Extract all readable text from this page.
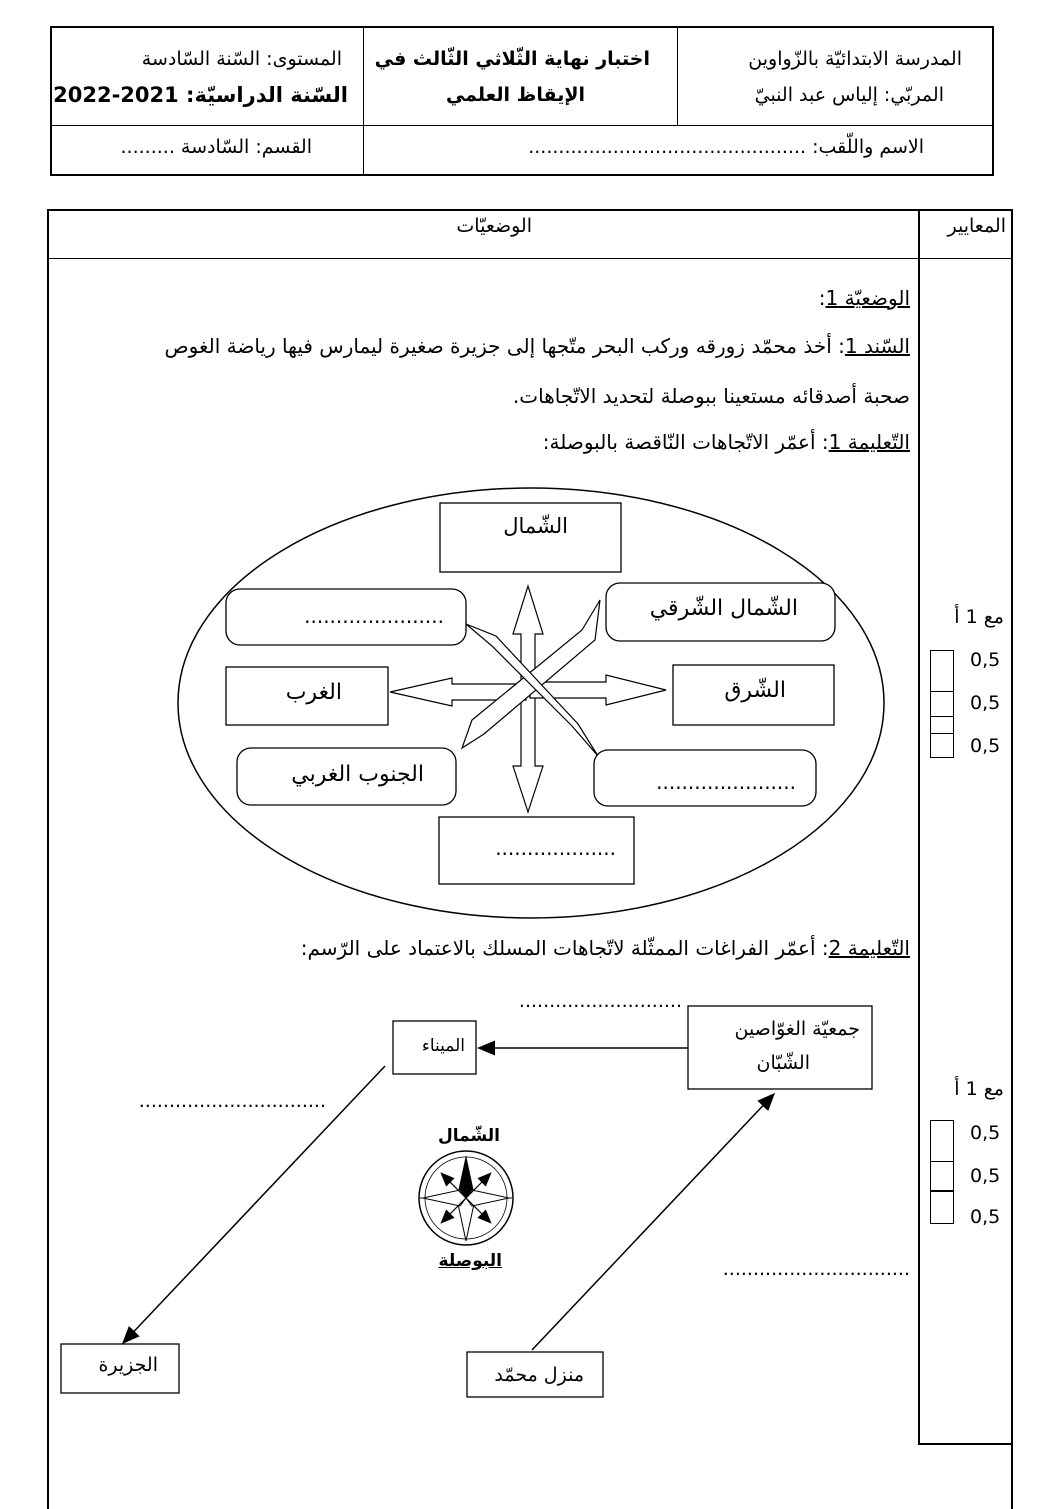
المدرسة الابتدائيّة بالزّواوين
المربّي: إلياس عبد النبيّ
اختبار نهاية الثّلاثي الثّالث في
الإيقاظ العلمي
المستوى: السّنة السّادسة
السّنة الدراسيّة: 2021-2022
الاسم واللّقب: ..............................................
القسم: السّادسة .........
المعايير
الوضعيّات
الوضعيّة 1:
السّند 1: أخذ محمّد زورقه وركب البحر متّجها إلى جزيرة صغيرة ليمارس فيها رياضة الغوص
صحبة أصدقائه مستعينا ببوصلة لتحديد الاتّجاهات.
التّعليمة 1: أعمّر الاتّجاهات النّاقصة بالبوصلة:
الشّمال
......................	الشّمال الشّرقي
الغرب	الشّرق
الجنوب الغربي	......................
...................
التّعليمة 2: أعمّر الفراغات الممثّلة لاتّجاهات المسلك بالاعتماد على الرّسم:
الميناء
جمعيّة الغوّاصين
الشّبّان
الجزيرة	منزل محمّد
الشّمال
البوصلة
...........................
...............................
...............................
مع 1 أ
0,5
0,5
0,5
مع 1 أ
0,5
0,5
0,5
